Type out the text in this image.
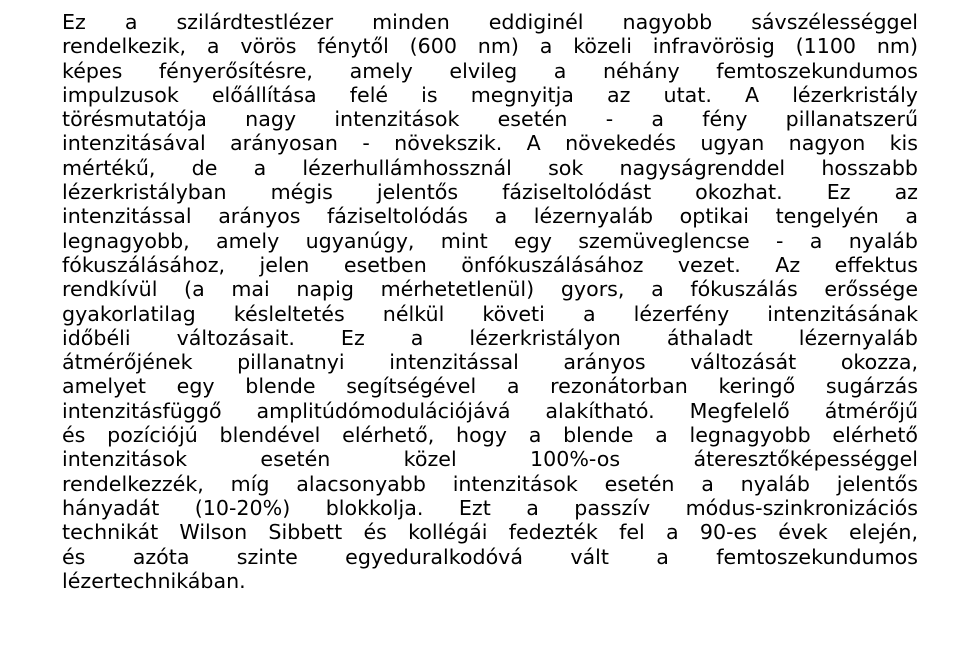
Ez a szilárdtestlézer minden eddiginél nagyobb sávszélességgel
rendelkezik, a vörös fénytől (600 nm) a közeli infravörösig (1100 nm)
képes fényerősítésre, amely elvileg a néhány femtoszekundumos
impulzusok előállítása felé is megnyitja az utat. A lézerkristály
törésmutatója nagy intenzitások esetén - a fény pillanatszerű
intenzitásával arányosan - növekszik. A növekedés ugyan nagyon kis
mértékű, de a lézerhullámhossznál sok nagyságrenddel hosszabb
lézerkristályban mégis jelentős fáziseltolódást okozhat. Ez az
intenzitással arányos fáziseltolódás a lézernyaláb optikai tengelyén a
legnagyobb, amely ugyanúgy, mint egy szemüveglencse - a nyaláb
fókuszálásához, jelen esetben önfókuszálásához vezet. Az effektus
rendkívül (a mai napig mérhetetlenül) gyors, a fókuszálás erőssége
gyakorlatilag késleltetés nélkül követi a lézerfény intenzitásának
időbéli változásait. Ez a lézerkristályon áthaladt lézernyaláb
átmérőjének pillanatnyi intenzitással arányos változását okozza,
amelyet egy blende segítségével a rezonátorban keringő sugárzás
intenzitásfüggő amplitúdómodulációjává alakítható. Megfelelő átmérőjű
és pozíciójú blendével elérhető, hogy a blende a legnagyobb elérhető
intenzitások esetén közel 100%-os áteresztőképességgel
rendelkezzék, míg alacsonyabb intenzitások esetén a nyaláb jelentős
hányadát (10-20%) blokkolja. Ezt a passzív módus-szinkronizációs
technikát Wilson Sibbett és kollégái fedezték fel a 90-es évek elején,
és azóta szinte egyeduralkodóvá vált a femtoszekundumos
lézertechnikában.
